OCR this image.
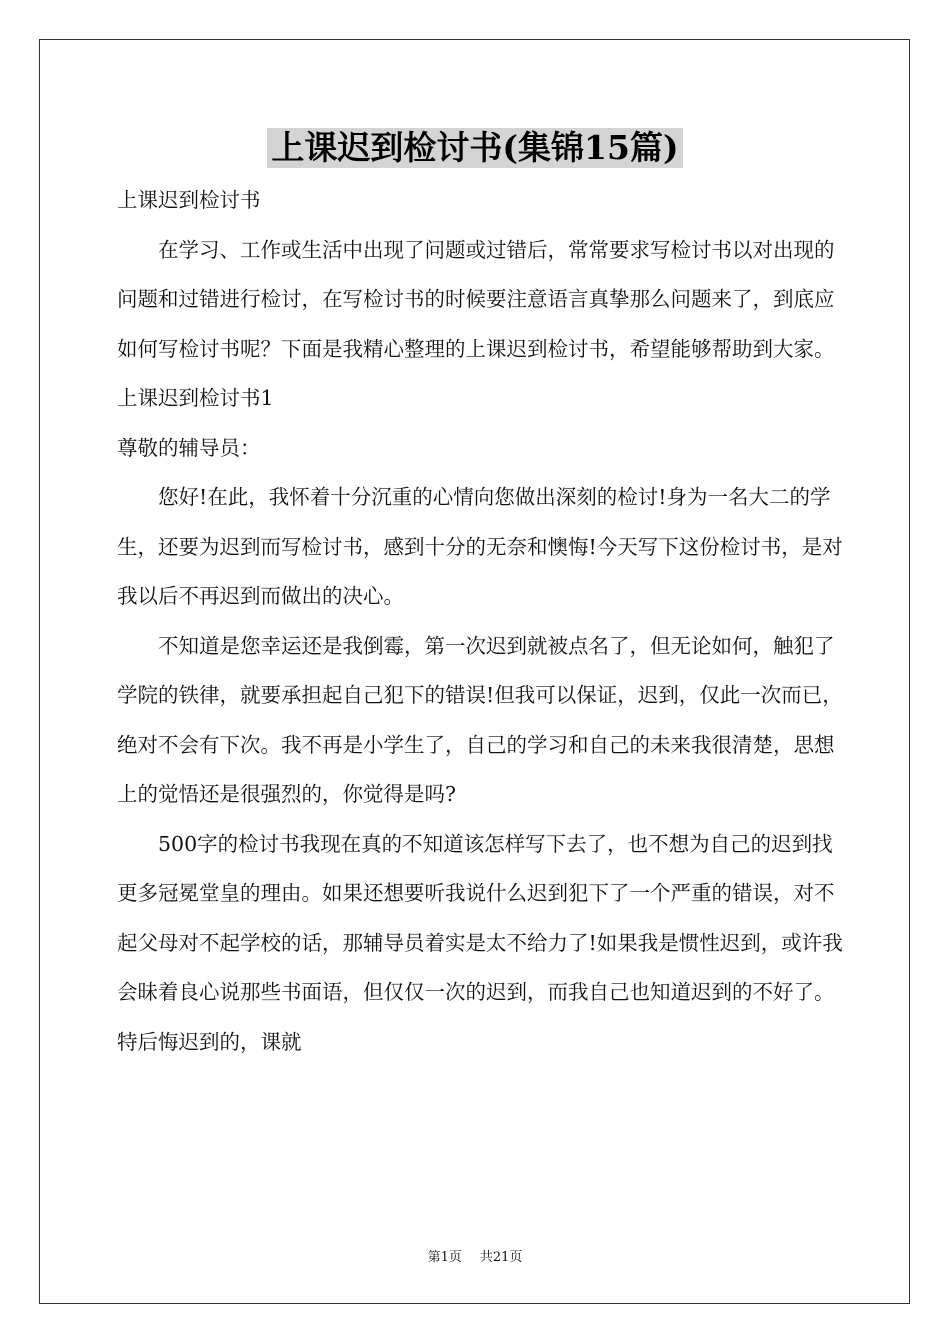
上课迟到检讨书(集锦15篇)

上课迟到检讨书

在学习、工作或生活中出现了问题或过错后，常常要求写检讨书以对出现的问题和过错进行检讨，在写检讨书的时候要注意语言真挚那么问题来了，到底应如何写检讨书呢？下面是我精心整理的上课迟到检讨书，希望能够帮助到大家。

上课迟到检讨书1

尊敬的辅导员：

您好!在此，我怀着十分沉重的心情向您做出深刻的检讨!身为一名大二的学生，还要为迟到而写检讨书，感到十分的无奈和懊悔!今天写下这份检讨书，是对我以后不再迟到而做出的决心。

不知道是您幸运还是我倒霉，第一次迟到就被点名了，但无论如何，触犯了学院的铁律，就要承担起自己犯下的错误!但我可以保证，迟到，仅此一次而已，绝对不会有下次。我不再是小学生了，自己的学习和自己的未来我很清楚，思想上的觉悟还是很强烈的，你觉得是吗?

500字的检讨书我现在真的不知道该怎样写下去了，也不想为自己的迟到找更多冠冕堂皇的理由。如果还想要听我说什么迟到犯下了一个严重的错误，对不起父母对不起学校的话，那辅导员着实是太不给力了!如果我是惯性迟到，或许我会昧着良心说那些书面语，但仅仅一次的迟到，而我自己也知道迟到的不好了。特后悔迟到的，课就

第1页 共21页
